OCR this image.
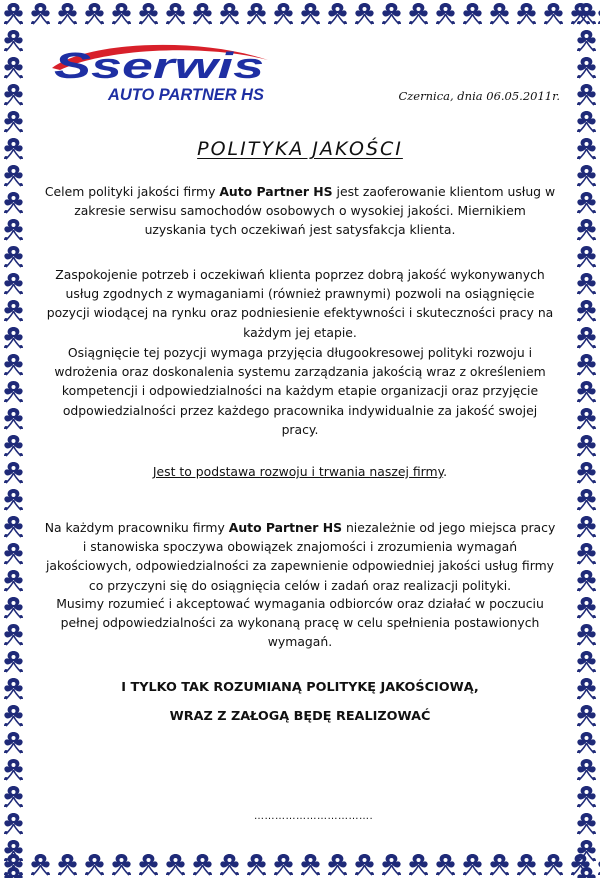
Sserwis
AUTO PARTNER HS	Czernica, dnia 06.05.2011r.
POLITYKA JAKOŚCI

Celem polityki jakości firmy Auto Partner HS jest zaoferowanie klientom usług w zakresie serwisu samochodów osobowych o wysokiej jakości. Miernikiem uzyskania tych oczekiwań jest satysfakcja klienta.

Zaspokojenie potrzeb i oczekiwań klienta poprzez dobrą jakość wykonywanych usług zgodnych z wymaganiami (również prawnymi) pozwoli na osiągnięcie pozycji wiodącej na rynku oraz podniesienie efektywności i skuteczności pracy na każdym jej etapie.

Osiągnięcie tej pozycji wymaga przyjęcia długookresowej polityki rozwoju i wdrożenia oraz doskonalenia systemu zarządzania jakością wraz z określeniem kompetencji i odpowiedzialności na każdym etapie organizacji oraz przyjęcie odpowiedzialności przez każdego pracownika indywidualnie za jakość swojej pracy.

Jest to podstawa rozwoju i trwania naszej firmy.

Na każdym pracowniku firmy Auto Partner HS niezależnie od jego miejsca pracy i stanowiska spoczywa obowiązek znajomości i zrozumienia wymagań jakościowych, odpowiedzialności za zapewnienie odpowiedniej jakości usług firmy co przyczyni się do osiągnięcia celów i zadań oraz realizacji polityki.

Musimy rozumieć i akceptować wymagania odbiorców oraz działać w poczuciu pełnej odpowiedzialności za wykonaną pracę w celu spełnienia postawionych wymagań.

I TYLKO TAK ROZUMIANĄ POLITYKĘ JAKOŚCIOWĄ,
WRAZ Z ZAŁOGĄ BĘDĘ REALIZOWAĆ
…………………………….
